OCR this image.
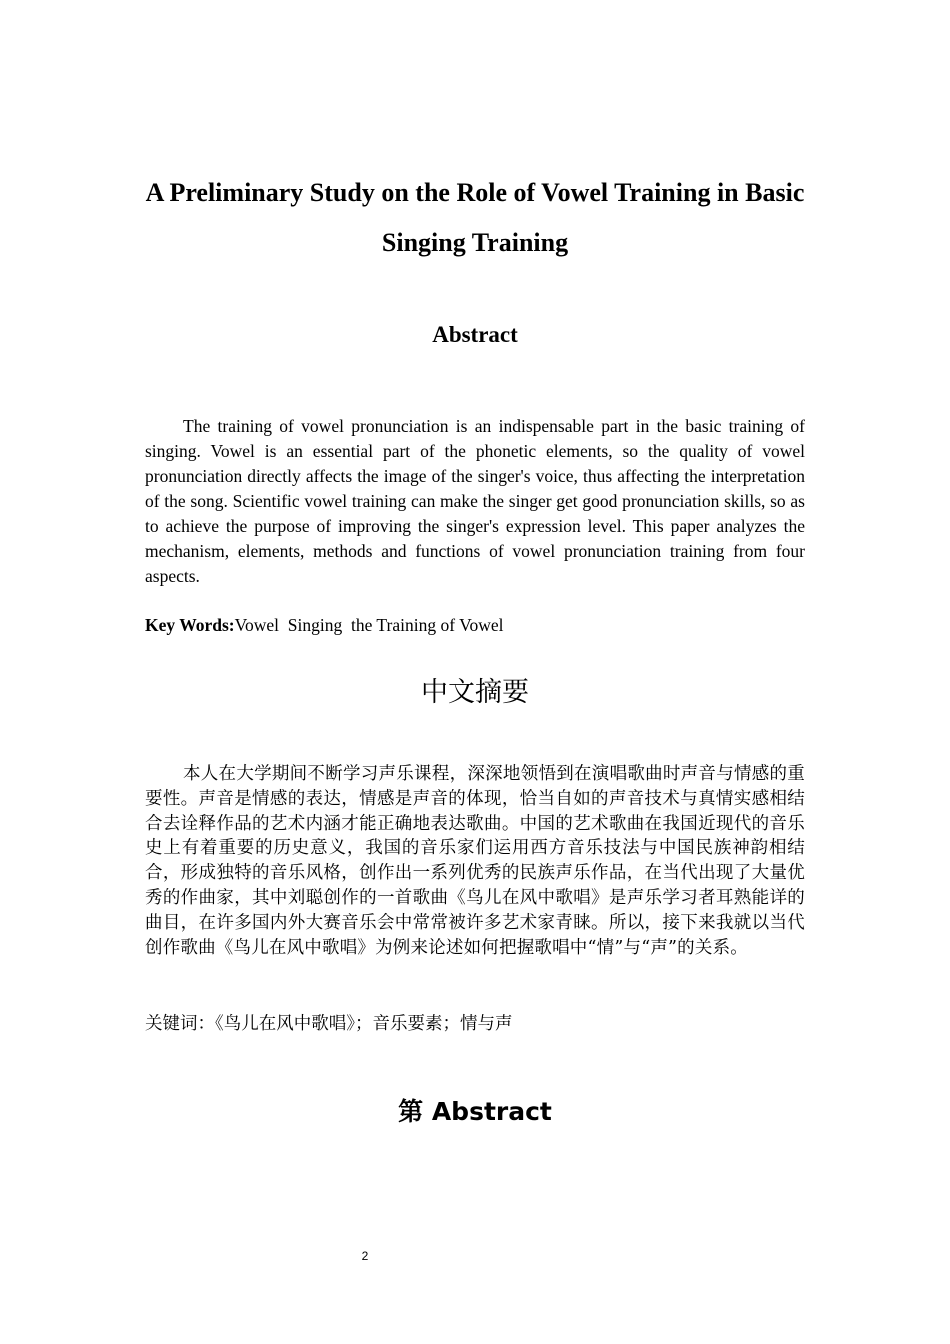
A Preliminary Study on the Role of Vowel Training in Basic Singing Training
Abstract
The training of vowel pronunciation is an indispensable part in the basic training of singing. Vowel is an essential part of the phonetic elements, so the quality of vowel pronunciation directly affects the image of the singer's voice, thus affecting the interpretation of the song. Scientific vowel training can make the singer get good pronunciation skills, so as to achieve the purpose of improving the singer's expression level. This paper analyzes the mechanism, elements, methods and functions of vowel pronunciation training from four aspects.
Key Words:Vowel  Singing  the Training of Vowel
中文摘要
本人在大学期间不断学习声乐课程，深深地领悟到在演唱歌曲时声音与情感的重要性。声音是情感的表达，情感是声音的体现，恰当自如的声音技术与真情实感相结合去诠释作品的艺术内涵才能正确地表达歌曲。中国的艺术歌曲在我国近现代的音乐史上有着重要的历史意义，我国的音乐家们运用西方音乐技法与中国民族神韵相结合，形成独特的音乐风格，创作出一系列优秀的民族声乐作品，在当代出现了大量优秀的作曲家，其中刘聪创作的一首歌曲《鸟儿在风中歌唱》是声乐学习者耳熟能详的曲目，在许多国内外大赛音乐会中常常被许多艺术家青睐。所以，接下来我就以当代创作歌曲《鸟儿在风中歌唱》为例来论述如何把握歌唱中“情”与“声”的关系。
关键词：《鸟儿在风中歌唱》；音乐要素；情与声
第 Abstract
2
